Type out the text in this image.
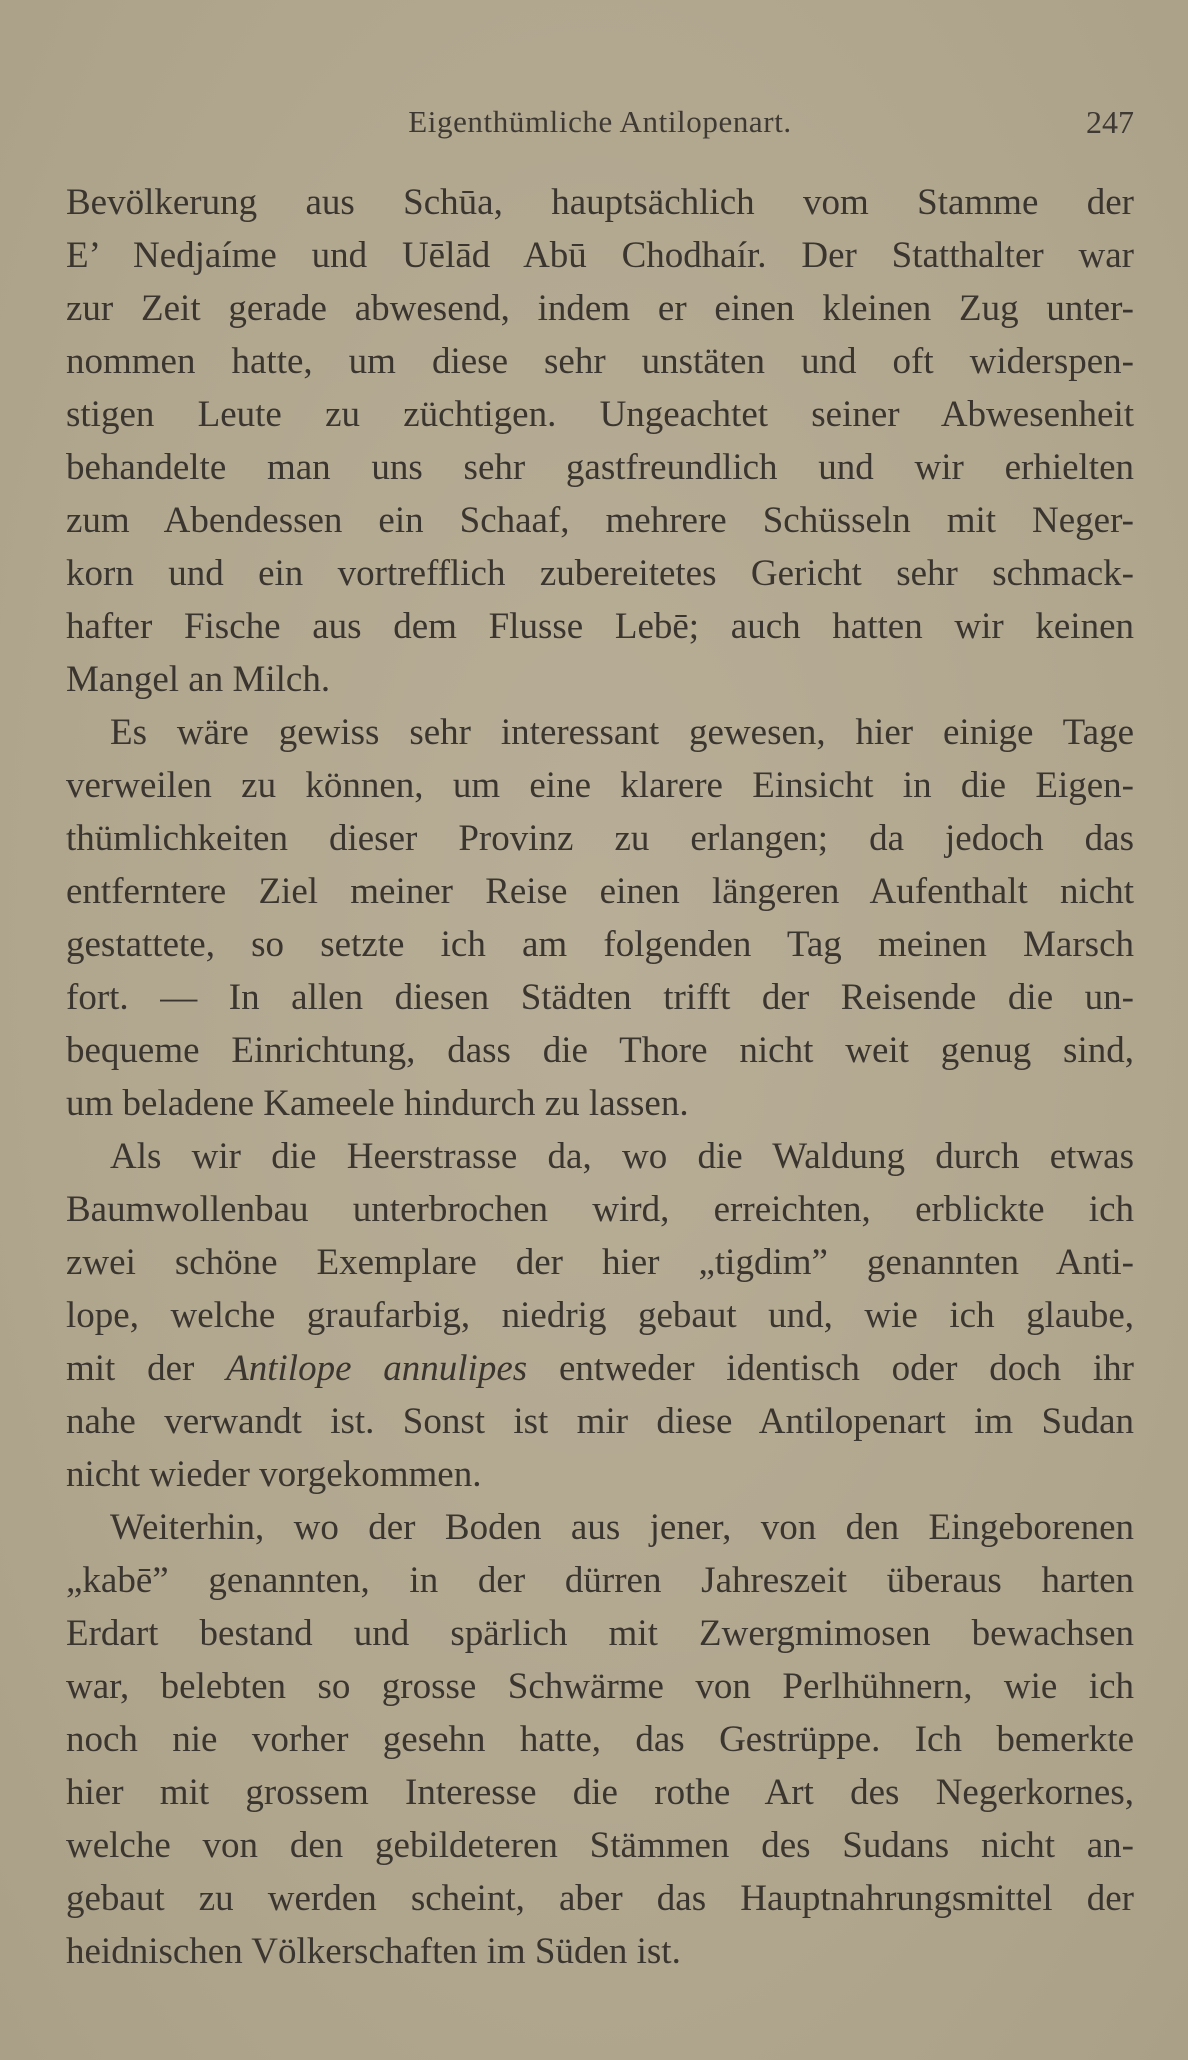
Eigenthümliche Antilopenart.	247
Bevölkerung aus Schūa, hauptsächlich vom Stamme der
E’ Nedjaíme und Uēlād Abū Chodhaír. Der Statthalter war
zur Zeit gerade abwesend, indem er einen kleinen Zug unter-
nommen hatte, um diese sehr unstäten und oft widerspen-
stigen Leute zu züchtigen. Ungeachtet seiner Abwesenheit
behandelte man uns sehr gastfreundlich und wir erhielten
zum Abendessen ein Schaaf, mehrere Schüsseln mit Neger-
korn und ein vortrefflich zubereitetes Gericht sehr schmack-
hafter Fische aus dem Flusse Lebē; auch hatten wir keinen
Mangel an Milch.
Es wäre gewiss sehr interessant gewesen, hier einige Tage
verweilen zu können, um eine klarere Einsicht in die Eigen-
thümlichkeiten dieser Provinz zu erlangen; da jedoch das
entferntere Ziel meiner Reise einen längeren Aufenthalt nicht
gestattete, so setzte ich am folgenden Tag meinen Marsch
fort. — In allen diesen Städten trifft der Reisende die un-
bequeme Einrichtung, dass die Thore nicht weit genug sind,
um beladene Kameele hindurch zu lassen.
Als wir die Heerstrasse da, wo die Waldung durch etwas
Baumwollenbau unterbrochen wird, erreichten, erblickte ich
zwei schöne Exemplare der hier „tigdim” genannten Anti-
lope, welche graufarbig, niedrig gebaut und, wie ich glaube,
mit der Antilope annulipes entweder identisch oder doch ihr
nahe verwandt ist. Sonst ist mir diese Antilopenart im Sudan
nicht wieder vorgekommen.
Weiterhin, wo der Boden aus jener, von den Eingeborenen
„kabē” genannten, in der dürren Jahreszeit überaus harten
Erdart bestand und spärlich mit Zwergmimosen bewachsen
war, belebten so grosse Schwärme von Perlhühnern, wie ich
noch nie vorher gesehn hatte, das Gestrüppe. Ich bemerkte
hier mit grossem Interesse die rothe Art des Negerkornes,
welche von den gebildeteren Stämmen des Sudans nicht an-
gebaut zu werden scheint, aber das Hauptnahrungsmittel der
heidnischen Völkerschaften im Süden ist.
